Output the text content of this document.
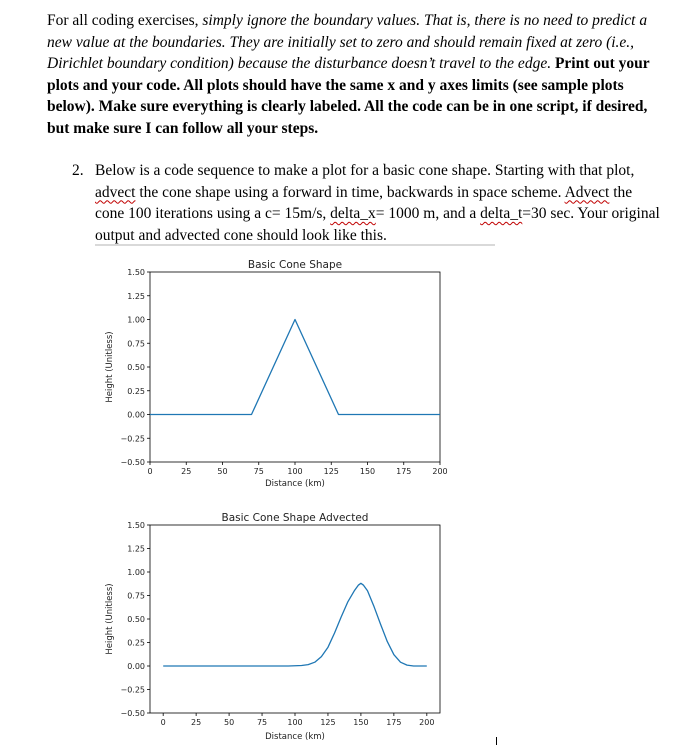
For all coding exercises, simply ignore the boundary values. That is, there is no need to predict a new value at the boundaries. They are initially set to zero and should remain fixed at zero (i.e., Dirichlet boundary condition) because the disturbance doesn’t travel to the edge. Print out your plots and your code. All plots should have the same x and y axes limits (see sample plots below). Make sure everything is clearly labeled. All the code can be in one script, if desired, but make sure I can follow all your steps.
2. Below is a code sequence to make a plot for a basic cone shape. Starting with that plot, advect the cone shape using a forward in time, backwards in space scheme. Advect the cone 100 iterations using a c= 15m/s, delta_x= 1000 m, and a delta_t=30 sec. Your original output and advected cone should look like this.
Basic Cone Shape
1.50
1.25
1.00
0.75
0.50
0.25
0.00
−0.25
−0.50
0	25	50	75	100	125	150	175	200
Distance (km)
Height (Unitless)
Basic Cone Shape Advected
1.50
1.25
1.00
0.75
0.50
0.25
0.00
−0.25
−0.50
0	25	50	75	100 125 150 175 200
Distance (km)
Height (Unitless)
